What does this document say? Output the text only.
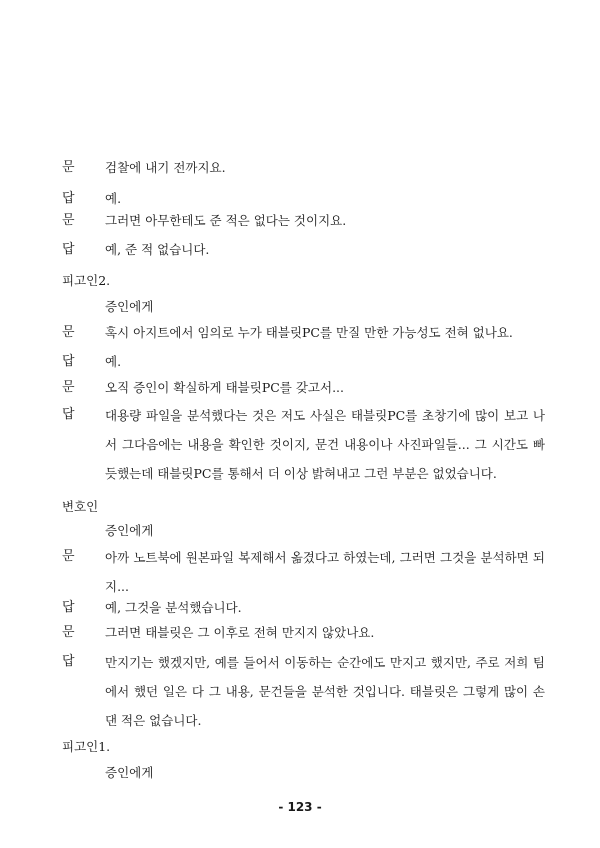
문 검찰에 내기 전까지요.
답 예.
문 그러면 아무한테도 준 적은 없다는 것이지요.
답 예, 준 적 없습니다.
피고인2.
증인에게
문 혹시 아지트에서 임의로 누가 태블릿PC를 만질 만한 가능성도 전혀 없나요.
답 예.
문 오직 증인이 확실하게 태블릿PC를 갖고서...
답 대용량 파일을 분석했다는 것은 저도 사실은 태블릿PC를 초창기에 많이 보고 나서 그다음에는 내용을 확인한 것이지, 문건 내용이나 사진파일들... 그 시간도 빠듯했는데 태블릿PC를 통해서 더 이상 밝혀내고 그런 부분은 없었습니다.
변호인
증인에게
문 아까 노트북에 원본파일 복제해서 옮겼다고 하였는데, 그러면 그것을 분석하면 되지...
답 예, 그것을 분석했습니다.
문 그러면 태블릿은 그 이후로 전혀 만지지 않았나요.
답 만지기는 했겠지만, 예를 들어서 이동하는 순간에도 만지고 했지만, 주로 저희 팀에서 했던 일은 다 그 내용, 문건들을 분석한 것입니다. 태블릿은 그렇게 많이 손댄 적은 없습니다.
피고인1.
증인에게
- 123 -
